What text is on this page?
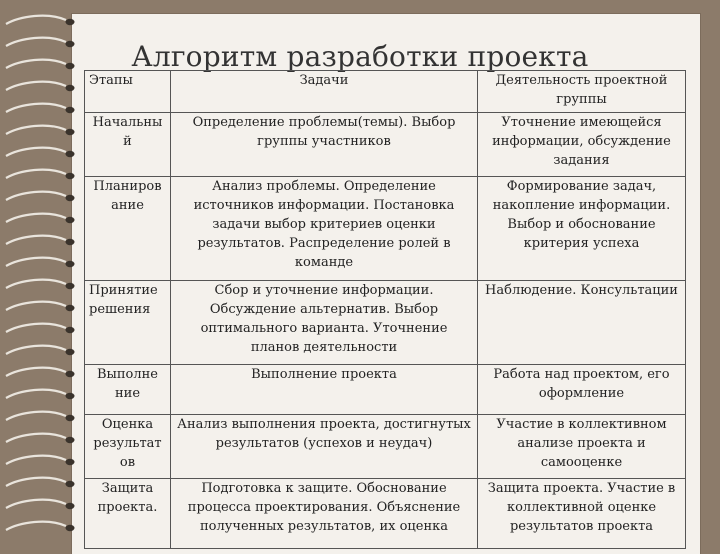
Алгоритм разработки проекта
Этапы	Задачи	Деятельность проектной группы
Начальны й	Определение проблемы(темы). Выбор группы участников	Уточнение имеющейся информации, обсуждение задания
Планиров ание	Анализ проблемы. Определение источников информации. Постановка задачи выбор критериев оценки результатов. Распределение ролей в команде	Формирование задач, накопление информации. Выбор и обоснование критерия успеха
Принятие решения	Сбор и уточнение информации. Обсуждение альтернатив. Выбор оптимального варианта. Уточнение планов деятельности	Наблюдение. Консультации
Выполне ние	Выполнение проекта	Работа над проектом, его оформление
Оценка результат ов	Анализ выполнения проекта, достигнутых результатов (успехов и неудач)	Участие в коллективном анализе проекта и самооценке
Защита проекта.	Подготовка к защите. Обоснование процесса проектирования. Объяснение полученных результатов, их оценка	Защита проекта. Участие в коллективной оценке результатов проекта
